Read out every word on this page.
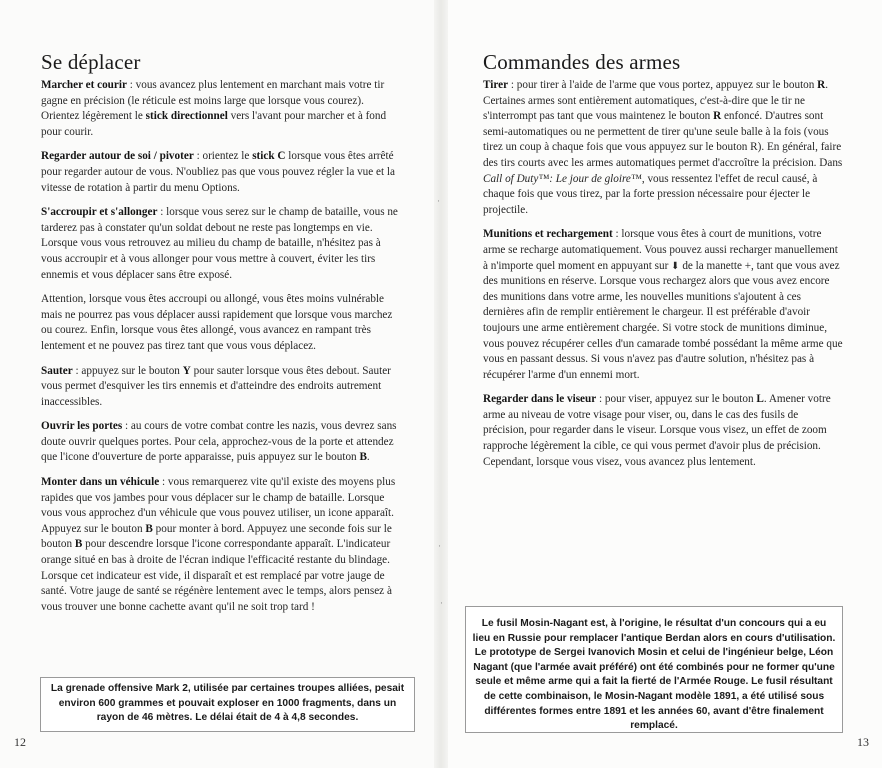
·
·
·
Se déplacer

Marcher et courir : vous avancez plus lentement en marchant mais votre tir gagne en précision (le réticule est moins large que lorsque vous courez). Orientez légèrement le stick directionnel vers l'avant pour marcher et à fond pour courir.

Regarder autour de soi / pivoter : orientez le stick C lorsque vous êtes arrêté pour regarder autour de vous. N'oubliez pas que vous pouvez régler la vue et la vitesse de rotation à partir du menu Options.

S'accroupir et s'allonger : lorsque vous serez sur le champ de bataille, vous ne tarderez pas à constater qu'un soldat debout ne reste pas longtemps en vie. Lorsque vous vous retrouvez au milieu du champ de bataille, n'hésitez pas à vous accroupir et à vous allonger pour vous mettre à couvert, éviter les tirs ennemis et vous déplacer sans être exposé.

Attention, lorsque vous êtes accroupi ou allongé, vous êtes moins vulnérable mais ne pourrez pas vous déplacer aussi rapidement que lorsque vous marchez ou courez. Enfin, lorsque vous êtes allongé, vous avancez en rampant très lentement et ne pouvez pas tirez tant que vous vous déplacez.

Sauter : appuyez sur le bouton Y pour sauter lorsque vous êtes debout. Sauter vous permet d'esquiver les tirs ennemis et d'atteindre des endroits autrement inaccessibles.

Ouvrir les portes : au cours de votre combat contre les nazis, vous devrez sans doute ouvrir quelques portes. Pour cela, approchez-vous de la porte et attendez que l'icone d'ouverture de porte apparaisse, puis appuyez sur le bouton B.

Monter dans un véhicule : vous remarquerez vite qu'il existe des moyens plus rapides que vos jambes pour vous déplacer sur le champ de bataille. Lorsque vous vous approchez d'un véhicule que vous pouvez utiliser, un icone apparaît. Appuyez sur le bouton B pour monter à bord. Appuyez une seconde fois sur le bouton B pour descendre lorsque l'icone correspondante apparaît. L'indicateur orange situé en bas à droite de l'écran indique l'efficacité restante du blindage. Lorsque cet indicateur est vide, il disparaît et est remplacé par votre jauge de santé. Votre jauge de santé se régénère lentement avec le temps, alors pensez à vous trouver une bonne cachette avant qu'il ne soit trop tard !

La grenade offensive Mark 2, utilisée par certaines troupes alliées, pesait environ 600 grammes et pouvait exploser en 1000 fragments, dans un rayon de 46 mètres. Le délai était de 4 à 4,8 secondes.
12
Commandes des armes

Tirer : pour tirer à l'aide de l'arme que vous portez, appuyez sur le bouton R. Certaines armes sont entièrement automatiques, c'est-à-dire que le tir ne s'interrompt pas tant que vous maintenez le bouton R enfoncé. D'autres sont semi-automatiques ou ne permettent de tirer qu'une seule balle à la fois (vous tirez un coup à chaque fois que vous appuyez sur le bouton R). En général, faire des tirs courts avec les armes automatiques permet d'accroître la précision. Dans Call of Duty™: Le jour de gloire™, vous ressentez l'effet de recul causé, à chaque fois que vous tirez, par la forte pression nécessaire pour éjecter le projectile.

Munitions et rechargement : lorsque vous êtes à court de munitions, votre arme se recharge automatiquement. Vous pouvez aussi recharger manuellement à n'importe quel moment en appuyant sur ⬇ de la manette +, tant que vous avez des munitions en réserve. Lorsque vous rechargez alors que vous avez encore des munitions dans votre arme, les nouvelles munitions s'ajoutent à ces dernières afin de remplir entièrement le chargeur. Il est préférable d'avoir toujours une arme entièrement chargée. Si votre stock de munitions diminue, vous pouvez récupérer celles d'un camarade tombé possédant la même arme que vous en passant dessus. Si vous n'avez pas d'autre solution, n'hésitez pas à récupérer l'arme d'un ennemi mort.

Regarder dans le viseur : pour viser, appuyez sur le bouton L. Amener votre arme au niveau de votre visage pour viser, ou, dans le cas des fusils de précision, pour regarder dans le viseur. Lorsque vous visez, un effet de zoom rapproche légèrement la cible, ce qui vous permet d'avoir plus de précision. Cependant, lorsque vous visez, vous avancez plus lentement.

Le fusil Mosin-Nagant est, à l'origine, le résultat d'un concours qui a eu lieu en Russie pour remplacer l'antique Berdan alors en cours d'utilisation. Le prototype de Sergei Ivanovich Mosin et celui de l'ingénieur belge, Léon Nagant (que l'armée avait préféré) ont été combinés pour ne former qu'une seule et même arme qui a fait la fierté de l'Armée Rouge. Le fusil résultant de cette combinaison, le Mosin-Nagant modèle 1891, a été utilisé sous différentes formes entre 1891 et les années 60, avant d'être finalement remplacé.
13
